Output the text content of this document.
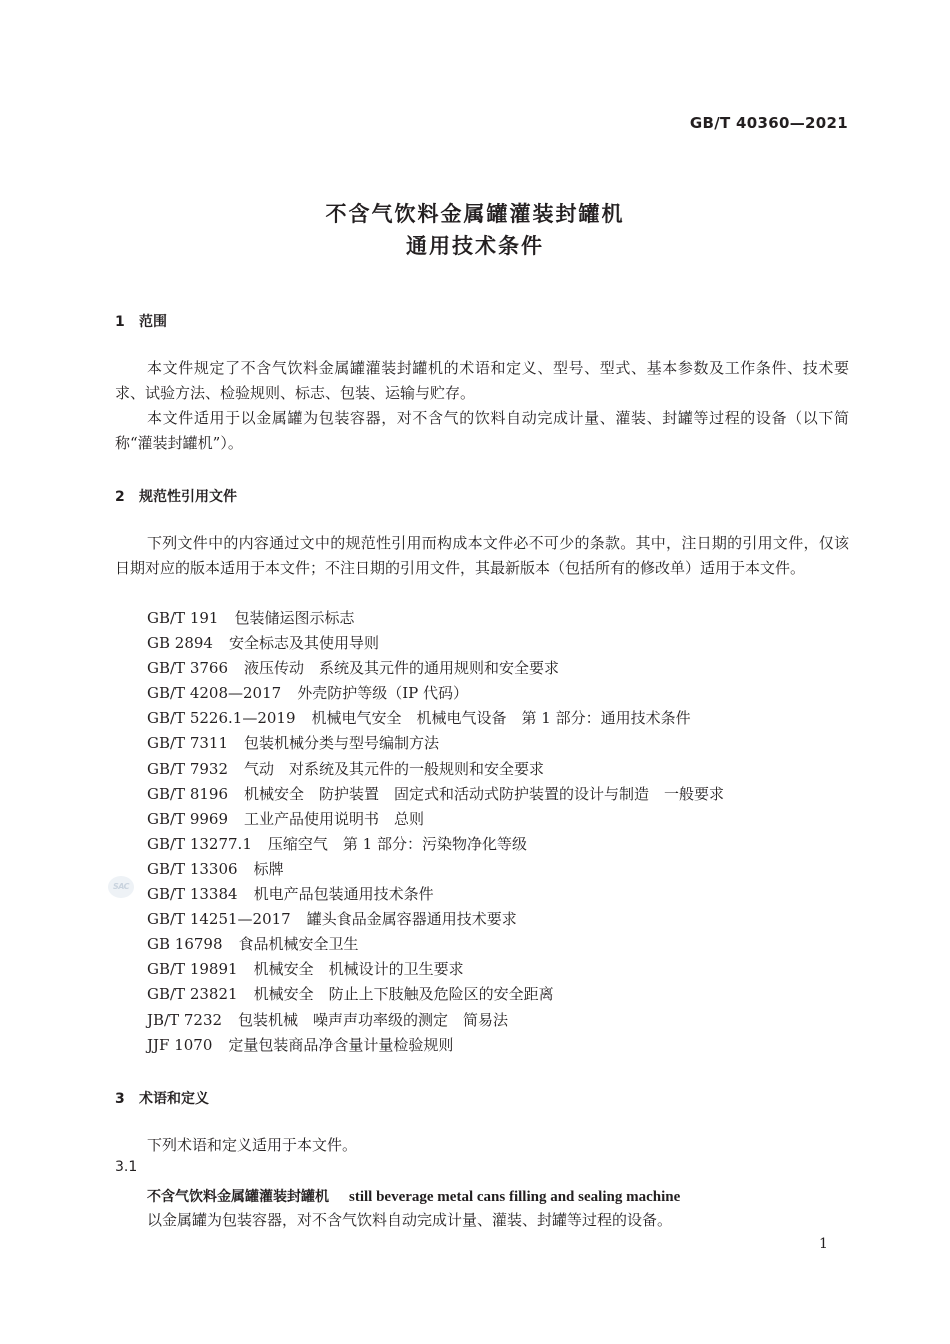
GB/T 40360—2021
不含气饮料金属罐灌装封罐机
通用技术条件
1 范围
本文件规定了不含气饮料金属罐灌装封罐机的术语和定义、型号、型式、基本参数及工作条件、技术要求、试验方法、检验规则、标志、包装、运输与贮存。
本文件适用于以金属罐为包装容器，对不含气的饮料自动完成计量、灌装、封罐等过程的设备（以下简称“灌装封罐机”）。
2 规范性引用文件
下列文件中的内容通过文中的规范性引用而构成本文件必不可少的条款。其中，注日期的引用文件，仅该日期对应的版本适用于本文件；不注日期的引用文件，其最新版本（包括所有的修改单）适用于本文件。
GB/T 191 包装储运图示标志
GB 2894 安全标志及其使用导则
GB/T 3766 液压传动　系统及其元件的通用规则和安全要求
GB/T 4208—2017 外壳防护等级（IP 代码）
GB/T 5226.1—2019 机械电气安全　机械电气设备　第 1 部分：通用技术条件
GB/T 7311 包装机械分类与型号编制方法
GB/T 7932 气动　对系统及其元件的一般规则和安全要求
GB/T 8196 机械安全　防护装置　固定式和活动式防护装置的设计与制造　一般要求
GB/T 9969 工业产品使用说明书　总则
GB/T 13277.1 压缩空气　第 1 部分：污染物净化等级
GB/T 13306 标牌
GB/T 13384 机电产品包装通用技术条件
GB/T 14251—2017 罐头食品金属容器通用技术要求
GB 16798 食品机械安全卫生
GB/T 19891 机械安全　机械设计的卫生要求
GB/T 23821 机械安全　防止上下肢触及危险区的安全距离
JB/T 7232 包装机械　噪声声功率级的测定　简易法
JJF 1070 定量包装商品净含量计量检验规则
SAC
3 术语和定义
下列术语和定义适用于本文件。
3.1
不含气饮料金属罐灌装封罐机 still beverage metal cans filling and sealing machine
以金属罐为包装容器，对不含气饮料自动完成计量、灌装、封罐等过程的设备。
1
